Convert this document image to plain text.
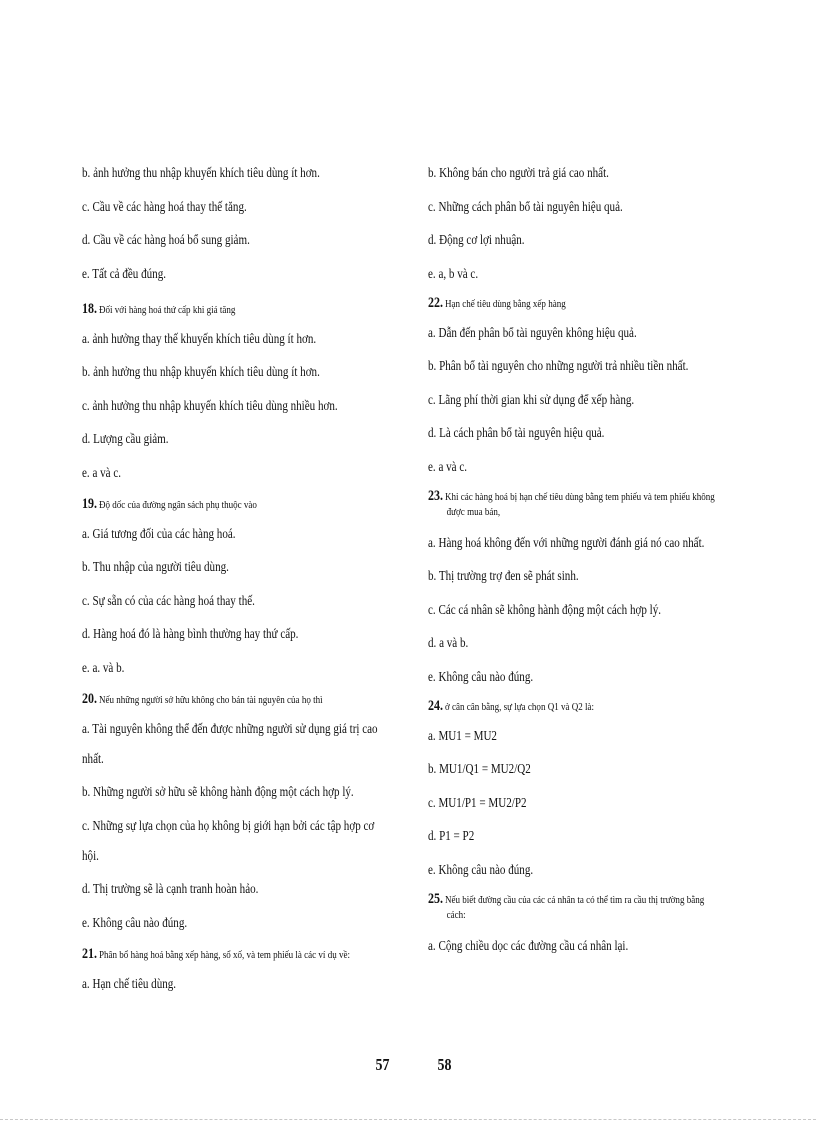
b. ảnh hưởng thu nhập khuyến khích tiêu dùng ít hơn.
c. Cầu về các hàng hoá thay thế tăng.
d. Cầu về các hàng hoá bổ sung giảm.
e. Tất cả đều đúng.
18. Đối với hàng hoá thứ cấp khi giá tăng
a. ảnh hưởng thay thế khuyến khích tiêu dùng ít hơn.
b. ảnh hưởng thu nhập khuyến khích tiêu dùng ít hơn.
c. ảnh hưởng thu nhập khuyến khích tiêu dùng nhiều hơn.
d. Lượng cầu giảm.
e. a và c.
19. Độ dốc của đường ngân sách phụ thuộc vào
a. Giá tương đối của các hàng hoá.
b. Thu nhập của người tiêu dùng.
c. Sự sẵn có của các hàng hoá thay thế.
d. Hàng hoá đó là hàng bình thường hay thứ cấp.
e. a. và b.
20. Nếu những người sở hữu không cho bán tài nguyên của họ thì
a. Tài nguyên không thể đến được những người sử dụng giá trị cao
nhất.
b. Những người sở hữu sẽ không hành động một cách hợp lý.
c. Những sự lựa chọn của họ không bị giới hạn bởi các tập hợp cơ
hội.
d. Thị trường sẽ là cạnh tranh hoàn hảo.
e. Không câu nào đúng.
21. Phân bổ hàng hoá bằng xếp hàng, sổ xố, và tem phiếu là các ví dụ về:
a. Hạn chế tiêu dùng.
b. Không bán cho người trả giá cao nhất.
c. Những cách phân bổ tài nguyên hiệu quả.
d. Động cơ lợi nhuận.
e. a, b và c.
22. Hạn chế tiêu dùng bằng xếp hàng
a. Dẫn đến phân bổ tài nguyên không hiệu quả.
b. Phân bổ tài nguyên cho những người trả nhiều tiền nhất.
c. Lãng phí thời gian khi sử dụng để xếp hàng.
d. Là cách phân bổ tài nguyên hiệu quả.
e. a và c.
23. Khi các hàng hoá bị hạn chế tiêu dùng bằng tem phiếu và tem phiếu không
được mua bán,
a. Hàng hoá không đến với những người đánh giá nó cao nhất.
b. Thị trường trợ đen sẽ phát sinh.
c. Các cá nhân sẽ không hành động một cách hợp lý.
d. a và b.
e. Không câu nào đúng.
24. ở cân cân bằng, sự lựa chọn Q1 và Q2 là:
a. MU1 = MU2
b. MU1/Q1 = MU2/Q2
c. MU1/P1 = MU2/P2
d. P1 = P2
e. Không câu nào đúng.
25. Nếu biết đường cầu của các cá nhân ta có thể tìm ra cầu thị trường bằng
cách:
a. Cộng chiều dọc các đường cầu cá nhân lại.
57	58
